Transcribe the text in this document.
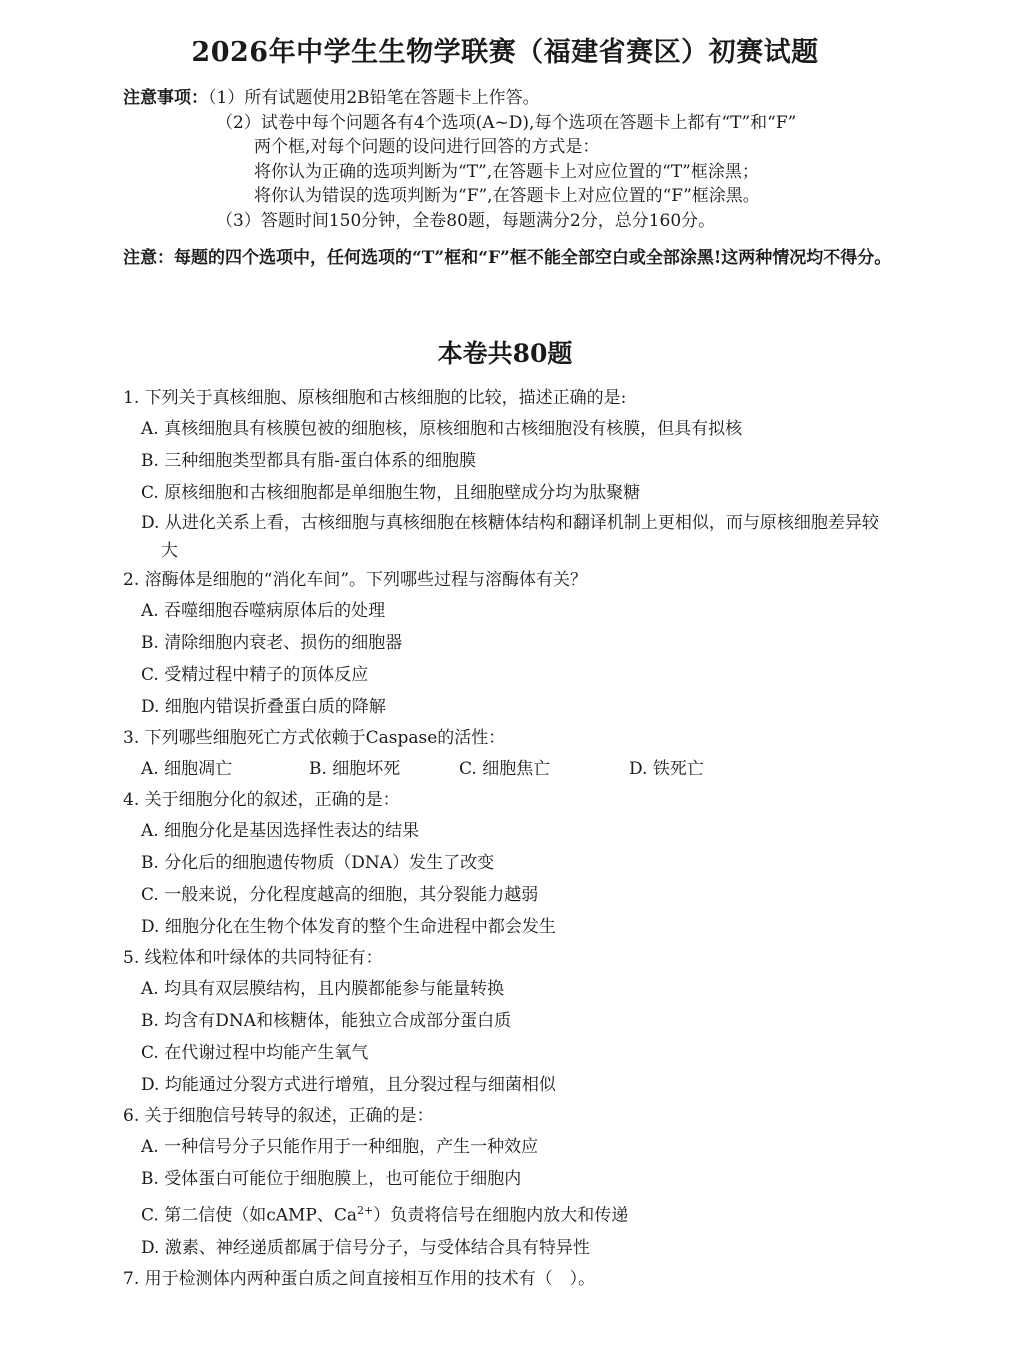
2026年中学生生物学联赛（福建省赛区）初赛试题
注意事项：（1）所有试题使用2B铅笔在答题卡上作答。
（2）试卷中每个问题各有4个选项(A~D),每个选项在答题卡上都有“T”和“F”
两个框,对每个问题的设问进行回答的方式是：
将你认为正确的选项判断为“T”,在答题卡上对应位置的“T”框涂黑；
将你认为错误的选项判断为“F”,在答题卡上对应位置的“F”框涂黑。
（3）答题时间150分钟，全卷80题，每题满分2分，总分160分。
注意：每题的四个选项中，任何选项的“T”框和“F”框不能全部空白或全部涂黑!这两种情况均不得分。
本卷共80题
1. 下列关于真核细胞、原核细胞和古核细胞的比较，描述正确的是:
A. 真核细胞具有核膜包被的细胞核，原核细胞和古核细胞没有核膜，但具有拟核
B. 三种细胞类型都具有脂-蛋白体系的细胞膜
C. 原核细胞和古核细胞都是单细胞生物，且细胞壁成分均为肽聚糖
D. 从进化关系上看，古核细胞与真核细胞在核糖体结构和翻译机制上更相似，而与原核细胞差异较大
2. 溶酶体是细胞的“消化车间”。下列哪些过程与溶酶体有关？
A. 吞噬细胞吞噬病原体后的处理
B. 清除细胞内衰老、损伤的细胞器
C. 受精过程中精子的顶体反应
D. 细胞内错误折叠蛋白质的降解
3. 下列哪些细胞死亡方式依赖于Caspase的活性：
A. 细胞凋亡	B. 细胞坏死	C. 细胞焦亡	D. 铁死亡
4. 关于细胞分化的叙述，正确的是：
A. 细胞分化是基因选择性表达的结果
B. 分化后的细胞遗传物质（DNA）发生了改变
C. 一般来说，分化程度越高的细胞，其分裂能力越弱
D. 细胞分化在生物个体发育的整个生命进程中都会发生
5. 线粒体和叶绿体的共同特征有：
A. 均具有双层膜结构，且内膜都能参与能量转换
B. 均含有DNA和核糖体，能独立合成部分蛋白质
C. 在代谢过程中均能产生氧气
D. 均能通过分裂方式进行增殖，且分裂过程与细菌相似
6. 关于细胞信号转导的叙述，正确的是：
A. 一种信号分子只能作用于一种细胞，产生一种效应
B. 受体蛋白可能位于细胞膜上，也可能位于细胞内
C. 第二信使（如cAMP、$Ca^{2+}$）负责将信号在细胞内放大和传递
D. 激素、神经递质都属于信号分子，与受体结合具有特异性
7. 用于检测体内两种蛋白质之间直接相互作用的技术有（　）。
